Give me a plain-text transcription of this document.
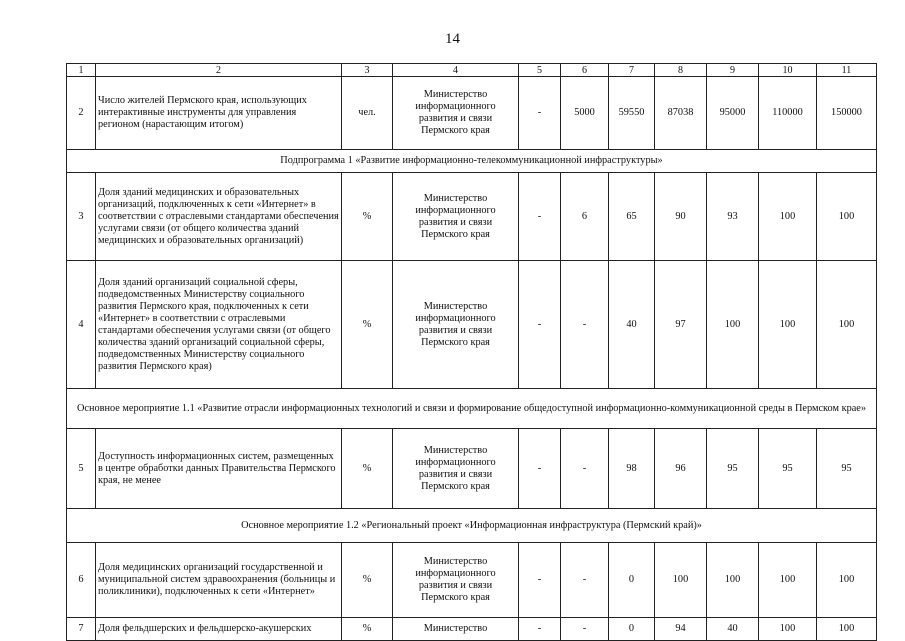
14
1	2	3	4	5	6	7	8	9	10	11
2	Число жителей Пермского края, использующих интерактивные инструменты для управления регионом (нарастающим итогом)	чел.	Министерство информационного развития и связи Пермского края	-	5000	59550	87038	95000	110000	150000
Подпрограмма 1 «Развитие информационно-телекоммуникационной инфраструктуры»										
3	Доля зданий медицинских и образовательных организаций, подключенных к сети «Интернет» в соответствии с отраслевыми стандартами обеспечения услугами связи (от общего количества зданий медицинских и образовательных организаций)	%	Министерство информационного развития и связи Пермского края	-	6	65	90	93	100	100
4	Доля зданий организаций социальной сферы, подведомственных Министерству социального развития Пермского края, подключенных к сети «Интернет» в соответствии с отраслевыми стандартами обеспечения услугами связи (от общего количества зданий организаций социальной сферы, подведомственных Министерству социального развития Пермского края)	%	Министерство информационного развития и связи Пермского края	-	-	40	97	100	100	100
Основное мероприятие 1.1 «Развитие отрасли информационных технологий и связи и формирование общедоступной информационно-коммуникационной среды в Пермском крае»										
5	Доступность информационных систем, размещенных в центре обработки данных Правительства Пермского края, не менее	%	Министерство информационного развития и связи Пермского края	-	-	98	96	95	95	95
Основное мероприятие 1.2 «Региональный проект «Информационная инфраструктура (Пермский край)»										
6	Доля медицинских организаций государственной и муниципальной систем здравоохранения (больницы и поликлиники), подключенных к сети «Интернет»	%	Министерство информационного развития и связи Пермского края	-	-	0	100	100	100	100
7	Доля фельдшерских и фельдшерско-акушерских	%	Министерство	-	-	0	94	40	100	100
